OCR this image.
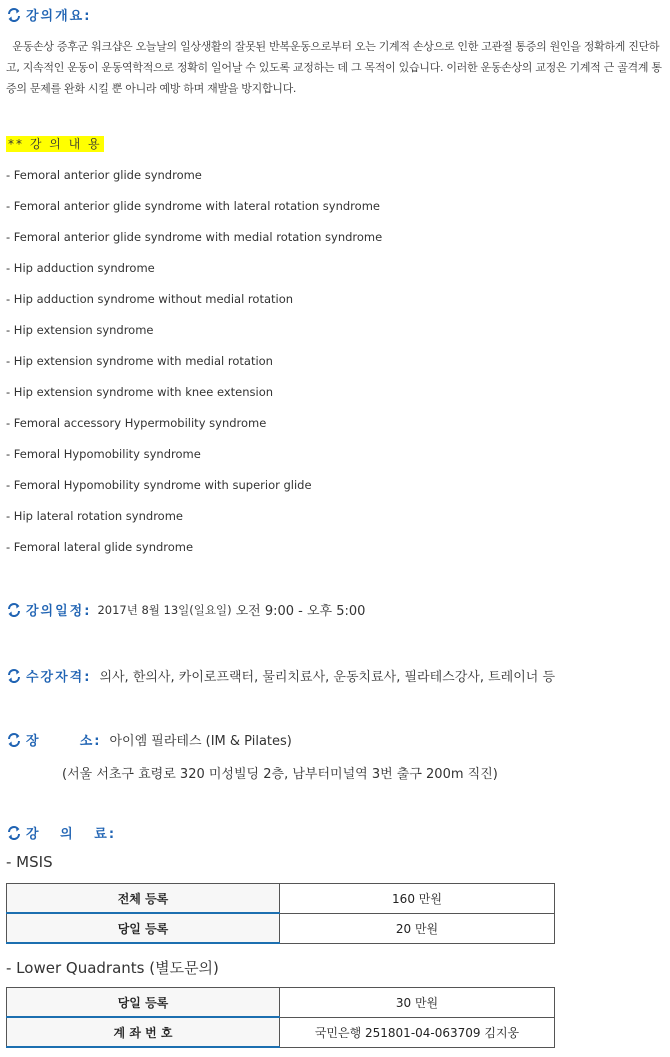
강의개요:
운동손상 증후군 워크샵은 오늘날의 일상생활의 잘못된 반복운동으로부터 오는 기계적 손상으로 인한 고관절 통증의 원인을 정확하게 진단하고, 지속적인 운동이 운동역학적으로 정확히 일어날 수 있도록 교정하는 데 그 목적이 있습니다. 이러한 운동손상의 교정은 기계적 근 골격계 통증의 문제를 완화 시킬 뿐 아니라 예방 하며 재발을 방지합니다.
** 강 의 내 용
- Femoral anterior glide syndrome
- Femoral anterior glide syndrome with lateral rotation syndrome
- Femoral anterior glide syndrome with medial rotation syndrome
- Hip adduction syndrome
- Hip adduction syndrome without medial rotation
- Hip extension syndrome
- Hip extension syndrome with medial rotation
- Hip extension syndrome with knee extension
- Femoral accessory Hypermobility syndrome
- Femoral Hypomobility syndrome
- Femoral Hypomobility syndrome with superior glide
- Hip lateral rotation syndrome
- Femoral lateral glide syndrome
강의일정: 2017년 8월 13일(일요일) 오전 9:00 - 오후 5:00
수강자격: 의사, 한의사, 카이로프랙터, 물리치료사, 운동치료사, 필라테스강사, 트레이너 등
장      소: 아이엠 필라테스 (IM & Pilates)
(서울 서초구 효령로 320 미성빌딩 2층, 남부터미널역 3번 출구 200m 직진)
강   의   료:
- MSIS
전체 등록	160 만원
당일 등록	20 만원
- Lower Quadrants (별도문의)
당일 등록	30 만원
계 좌 번 호	국민은행 251801-04-063709 김지웅
